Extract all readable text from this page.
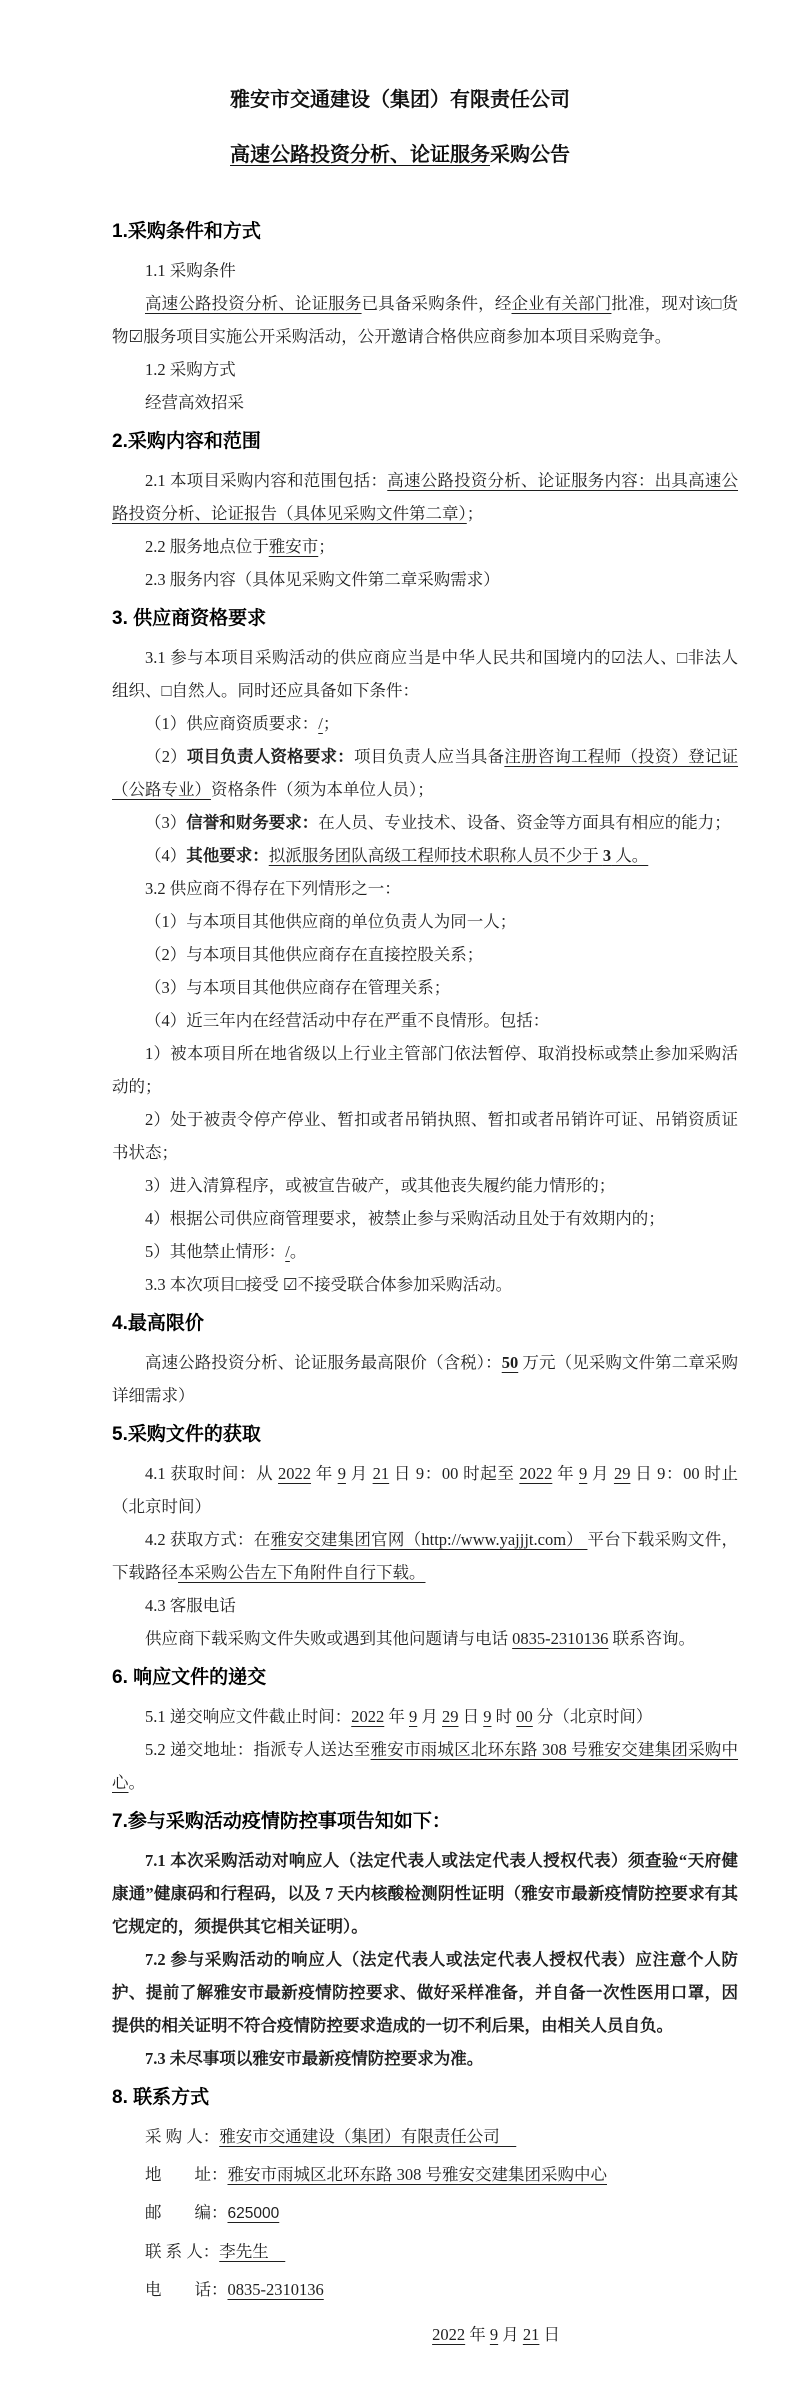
雅安市交通建设（集团）有限责任公司
高速公路投资分析、论证服务采购公告
1.采购条件和方式

1.1 采购条件

高速公路投资分析、论证服务已具备采购条件，经企业有关部门批准，现对该□货物☑服务项目实施公开采购活动，公开邀请合格供应商参加本项目采购竞争。

1.2 采购方式

经营高效招采

2.采购内容和范围

2.1 本项目采购内容和范围包括：高速公路投资分析、论证服务内容：出具高速公路投资分析、论证报告（具体见采购文件第二章）；

2.2 服务地点位于雅安市；

2.3 服务内容（具体见采购文件第二章采购需求）

3. 供应商资格要求

3.1 参与本项目采购活动的供应商应当是中华人民共和国境内的☑法人、□非法人组织、□自然人。同时还应具备如下条件：

（1）供应商资质要求：/；

（2）项目负责人资格要求：项目负责人应当具备注册咨询工程师（投资）登记证（公路专业）资格条件（须为本单位人员）；

（3）信誉和财务要求：在人员、专业技术、设备、资金等方面具有相应的能力；

（4）其他要求：拟派服务团队高级工程师技术职称人员不少于 3 人。

3.2 供应商不得存在下列情形之一：

（1）与本项目其他供应商的单位负责人为同一人；

（2）与本项目其他供应商存在直接控股关系；

（3）与本项目其他供应商存在管理关系；

（4）近三年内在经营活动中存在严重不良情形。包括：

1）被本项目所在地省级以上行业主管部门依法暂停、取消投标或禁止参加采购活动的；

2）处于被责令停产停业、暂扣或者吊销执照、暂扣或者吊销许可证、吊销资质证书状态；

3）进入清算程序，或被宣告破产，或其他丧失履约能力情形的；

4）根据公司供应商管理要求，被禁止参与采购活动且处于有效期内的；

5）其他禁止情形：/。

3.3 本次项目□接受 ☑不接受联合体参加采购活动。

4.最高限价

高速公路投资分析、论证服务最高限价（含税）：50 万元（见采购文件第二章采购详细需求）

5.采购文件的获取

4.1 获取时间：从 2022 年 9 月 21 日 9：00 时起至 2022 年 9 月 29 日 9：00 时止（北京时间）

4.2 获取方式：在雅安交建集团官网（http://www.yajjjt.com） 平台下载采购文件，下载路径本采购公告左下角附件自行下载。

4.3 客服电话

供应商下载采购文件失败或遇到其他问题请与电话 0835-2310136 联系咨询。

6. 响应文件的递交

5.1 递交响应文件截止时间：2022 年 9 月 29 日 9 时 00 分（北京时间）

5.2 递交地址：指派专人送达至雅安市雨城区北环东路 308 号雅安交建集团采购中心。

7.参与采购活动疫情防控事项告知如下：

7.1 本次采购活动对响应人（法定代表人或法定代表人授权代表）须查验“天府健康通”健康码和行程码，以及 7 天内核酸检测阴性证明（雅安市最新疫情防控要求有其它规定的，须提供其它相关证明）。

7.2 参与采购活动的响应人（法定代表人或法定代表人授权代表）应注意个人防护、提前了解雅安市最新疫情防控要求、做好采样准备，并自备一次性医用口罩，因提供的相关证明不符合疫情防控要求造成的一切不利后果，由相关人员自负。

7.3 未尽事项以雅安市最新疫情防控要求为准。

8. 联系方式

采 购 人：雅安市交通建设（集团）有限责任公司　

地　　址：雅安市雨城区北环东路 308 号雅安交建集团采购中心

邮　　编：625000

联 系 人：李先生　

电　　话：0835-2310136

2022 年 9 月 21 日
